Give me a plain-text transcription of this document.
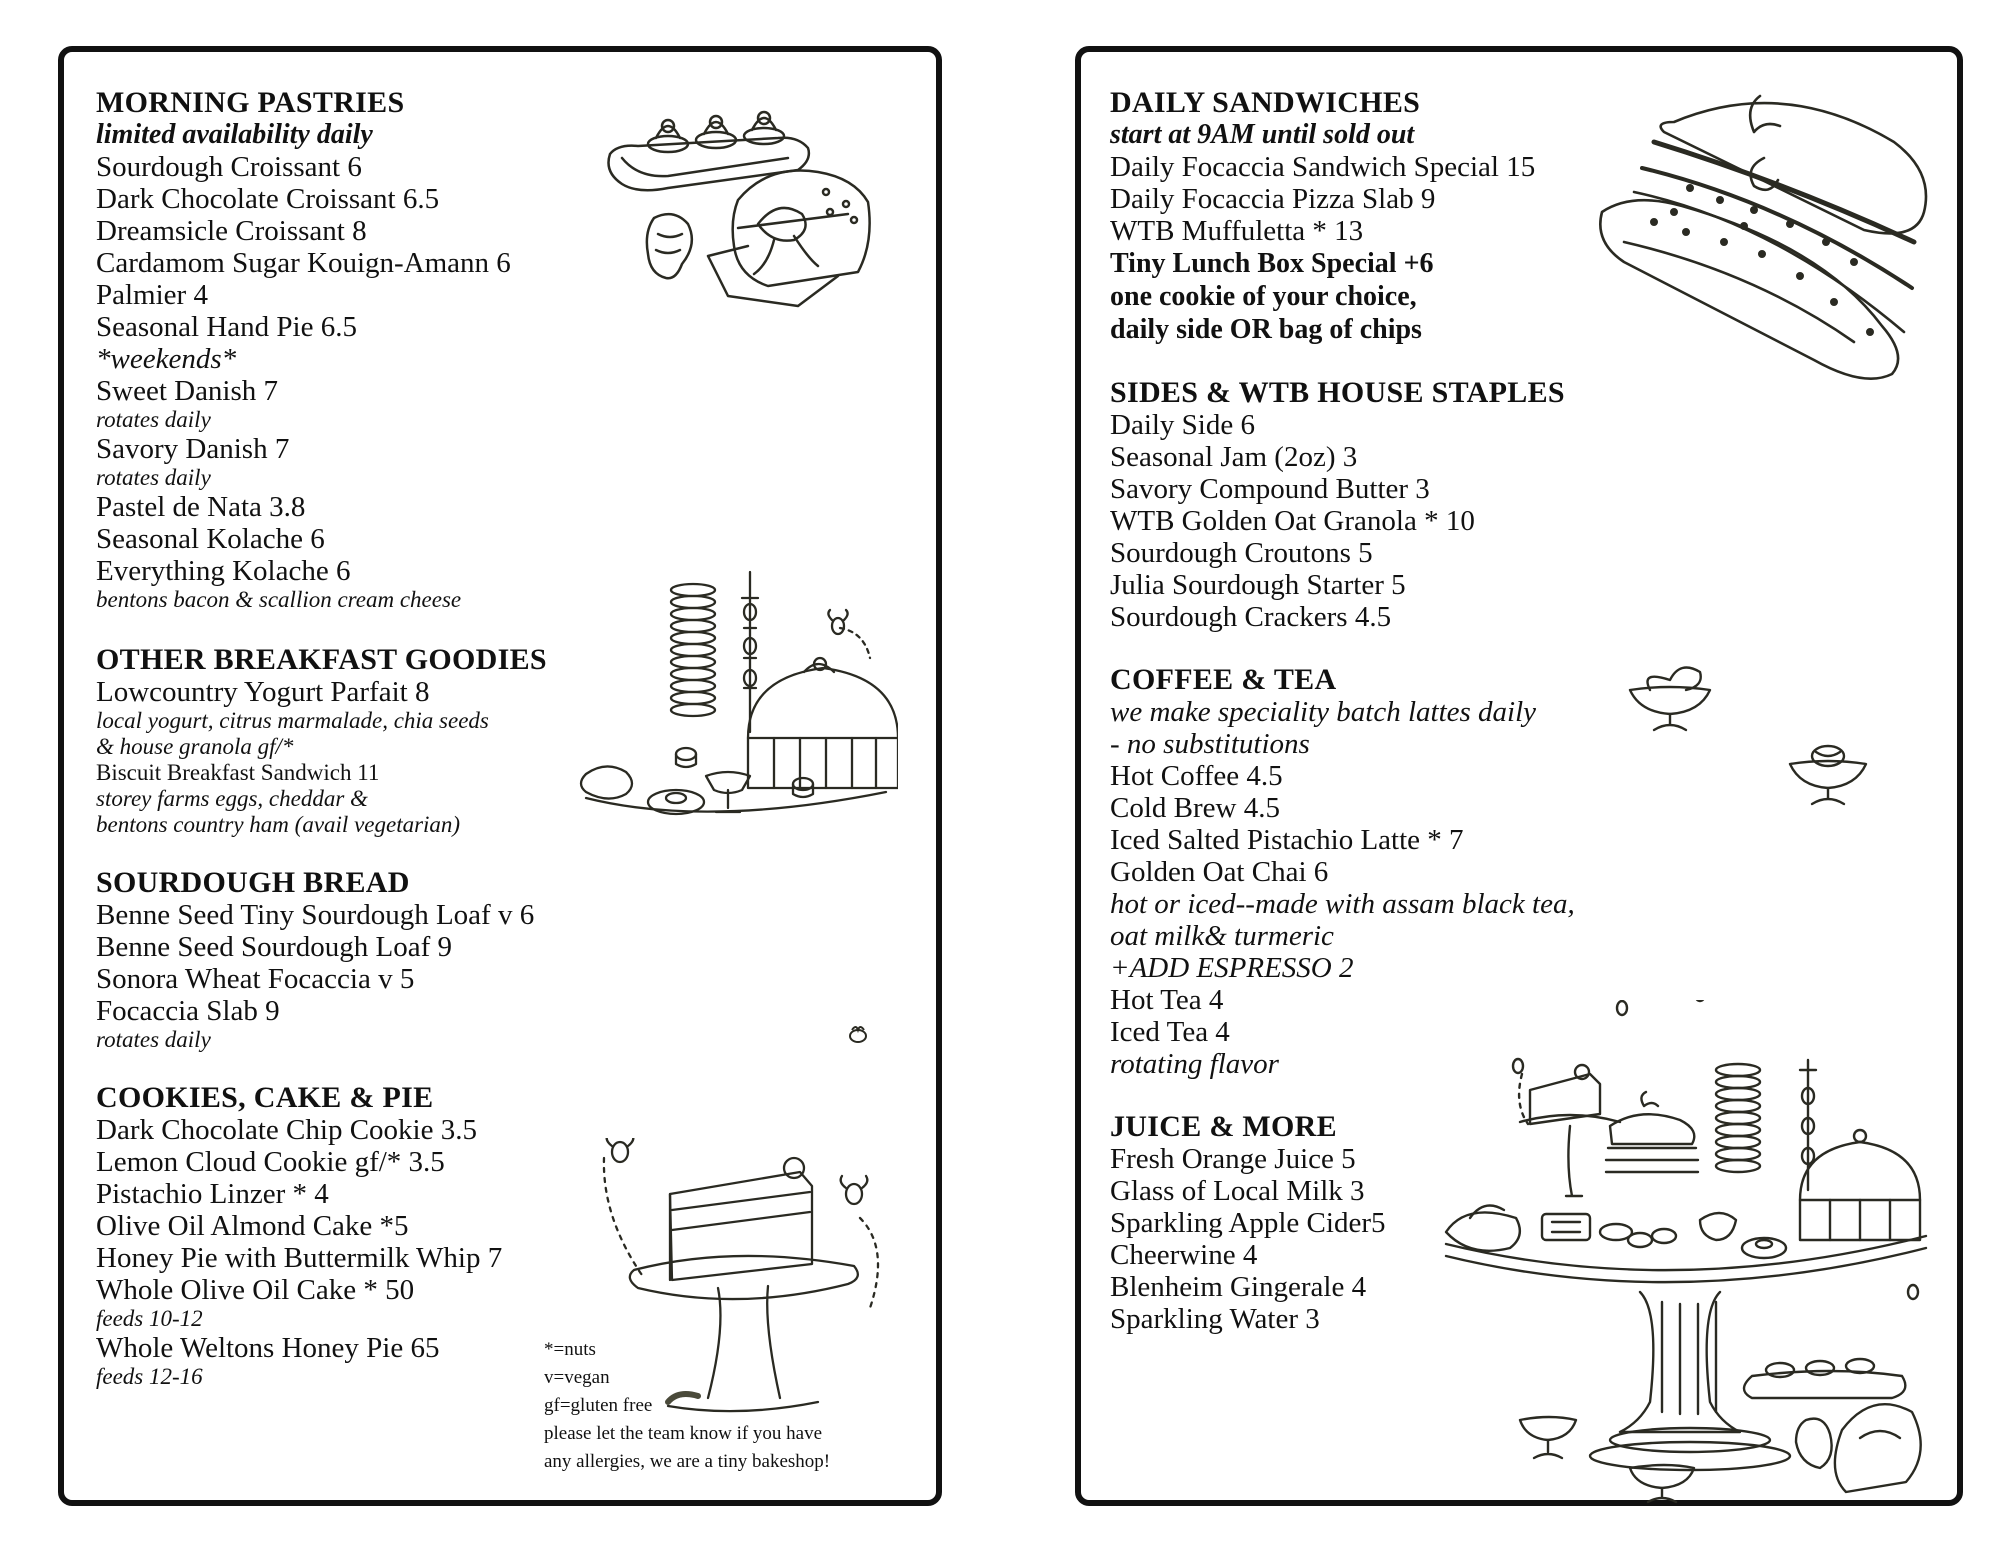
MORNING PASTRIES
limited availability daily
Sourdough Croissant 6
Dark Chocolate Croissant 6.5
Dreamsicle Croissant 8
Cardamom Sugar Kouign-Amann 6
Palmier 4
Seasonal Hand Pie 6.5
*weekends*
Sweet Danish 7
rotates daily
Savory Danish 7
rotates daily
Pastel de Nata 3.8
Seasonal Kolache 6
Everything Kolache 6
bentons bacon & scallion cream cheese
OTHER BREAKFAST GOODIES
Lowcountry Yogurt Parfait 8
local yogurt, citrus marmalade, chia seeds
& house granola gf/*
Biscuit Breakfast Sandwich 11
storey farms eggs, cheddar &
bentons country ham (avail vegetarian)
SOURDOUGH BREAD
Benne Seed Tiny Sourdough Loaf v 6
Benne Seed Sourdough Loaf 9
Sonora Wheat Focaccia v 5
Focaccia Slab 9
rotates daily
COOKIES, CAKE & PIE
Dark Chocolate Chip Cookie 3.5
Lemon Cloud Cookie gf/* 3.5
Pistachio Linzer * 4
Olive Oil Almond Cake *5
Honey Pie with Buttermilk Whip 7
Whole Olive Oil Cake * 50
feeds 10-12
Whole Weltons Honey Pie 65
feeds 12-16
*=nuts
v=vegan
gf=gluten free
please let the team know if you have
any allergies, we are a tiny bakeshop!
DAILY SANDWICHES
start at 9AM until sold out
Daily Focaccia Sandwich Special 15
Daily Focaccia Pizza Slab 9
WTB Muffuletta * 13
Tiny Lunch Box Special +6
one cookie of your choice,
daily side OR bag of chips
SIDES & WTB HOUSE STAPLES
Daily Side 6
Seasonal Jam (2oz) 3
Savory Compound Butter 3
WTB Golden Oat Granola * 10
Sourdough Croutons 5
Julia Sourdough Starter 5
Sourdough Crackers 4.5
COFFEE & TEA
we make speciality batch lattes daily
- no substitutions
Hot Coffee 4.5
Cold Brew 4.5
Iced Salted Pistachio Latte * 7
Golden Oat Chai 6
hot or iced--made with assam black tea,
oat milk& turmeric
+ADD ESPRESSO 2
Hot Tea 4
Iced Tea 4
rotating flavor
JUICE & MORE
Fresh Orange Juice 5
Glass of Local Milk 3
Sparkling Apple Cider5
Cheerwine 4
Blenheim Gingerale 4
Sparkling Water 3
